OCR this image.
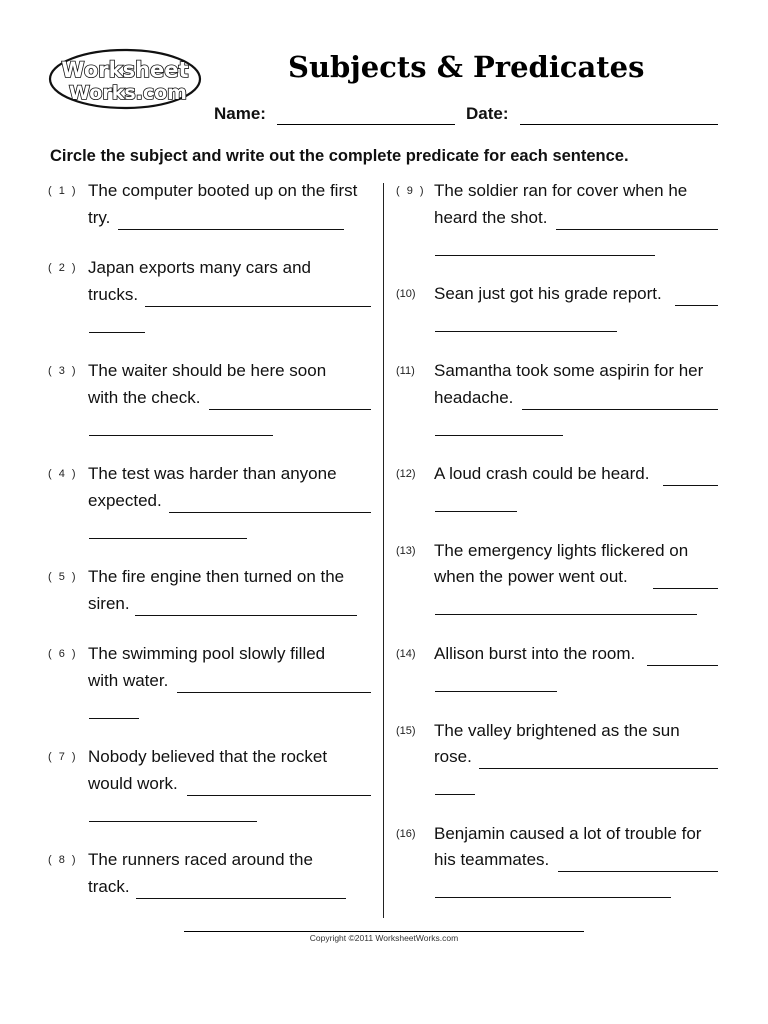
Worksheet
Works.com
Subjects & Predicates
Name:	Date:
Circle the subject and write out the complete predicate for each sentence.
( 1 ) The computer booted up on the first
try.
( 2 ) Japan exports many cars and
trucks.
( 3 ) The waiter should be here soon
with the check.
( 4 ) The test was harder than anyone
expected.
( 5 ) The fire engine then turned on the
siren.
( 6 ) The swimming pool slowly filled
with water.
( 7 ) Nobody believed that the rocket
would work.
( 8 ) The runners raced around the
track.
( 9 ) The soldier ran for cover when he
heard the shot.
(10) Sean just got his grade report.
(11) Samantha took some aspirin for her
headache.
(12) A loud crash could be heard.
(13) The emergency lights flickered on
when the power went out.
(14) Allison burst into the room.
(15) The valley brightened as the sun
rose.
(16) Benjamin caused a lot of trouble for
his teammates.
Copyright ©2011 WorksheetWorks.com
